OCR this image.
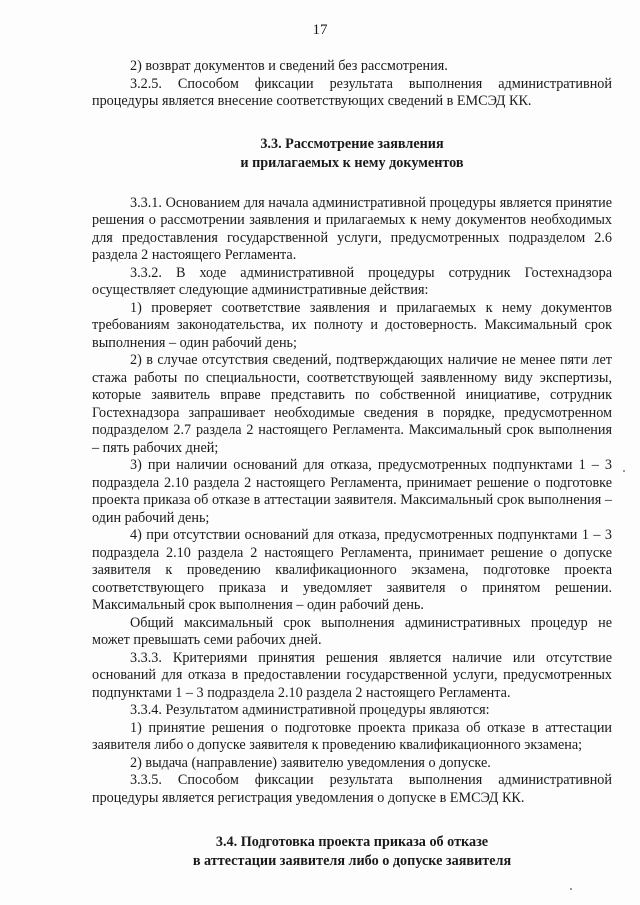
17

2) возврат документов и сведений без рассмотрения.

3.2.5. Способом фиксации результата выполнения административной процедуры является внесение соответствующих сведений в ЕМСЭД КК.

3.3. Рассмотрение заявления
и прилагаемых к нему документов

3.3.1. Основанием для начала административной процедуры является принятие решения о рассмотрении заявления и прилагаемых к нему документов необходимых для предоставления государственной услуги, предусмотренных подразделом 2.6 раздела 2 настоящего Регламента.

3.3.2. В ходе административной процедуры сотрудник Гостехнадзора осуществляет следующие административные действия:

1) проверяет соответствие заявления и прилагаемых к нему документов требованиям законодательства, их полноту и достоверность. Максимальный срок выполнения – один рабочий день;

2) в случае отсутствия сведений, подтверждающих наличие не менее пяти лет стажа работы по специальности, соответствующей заявленному виду экспертизы, которые заявитель вправе представить по собственной инициативе, сотрудник Гостехнадзора запрашивает необходимые сведения в порядке, предусмотренном подразделом 2.7 раздела 2 настоящего Регламента. Максимальный срок выполнения – пять рабочих дней;

3) при наличии оснований для отказа, предусмотренных подпунктами 1 – 3 подраздела 2.10 раздела 2 настоящего Регламента, принимает решение о подготовке проекта приказа об отказе в аттестации заявителя. Максимальный срок выполнения – один рабочий день;

4) при отсутствии оснований для отказа, предусмотренных подпунктами 1 – 3 подраздела 2.10 раздела 2 настоящего Регламента, принимает решение о допуске заявителя к проведению квалификационного экзамена, подготовке проекта соответствующего приказа и уведомляет заявителя о принятом решении. Максимальный срок выполнения – один рабочий день.

Общий максимальный срок выполнения административных процедур не может превышать семи рабочих дней.

3.3.3. Критериями принятия решения является наличие или отсутствие оснований для отказа в предоставлении государственной услуги, предусмотренных подпунктами 1 – 3 подраздела 2.10 раздела 2 настоящего Регламента.

3.3.4. Результатом административной процедуры являются:

1) принятие решения о подготовке проекта приказа об отказе в аттестации заявителя либо о допуске заявителя к проведению квалификационного экзамена;

2) выдача (направление) заявителю уведомления о допуске.

3.3.5. Способом фиксации результата выполнения административной процедуры является регистрация уведомления о допуске в ЕМСЭД КК.

3.4. Подготовка проекта приказа об отказе
в аттестации заявителя либо о допуске заявителя
